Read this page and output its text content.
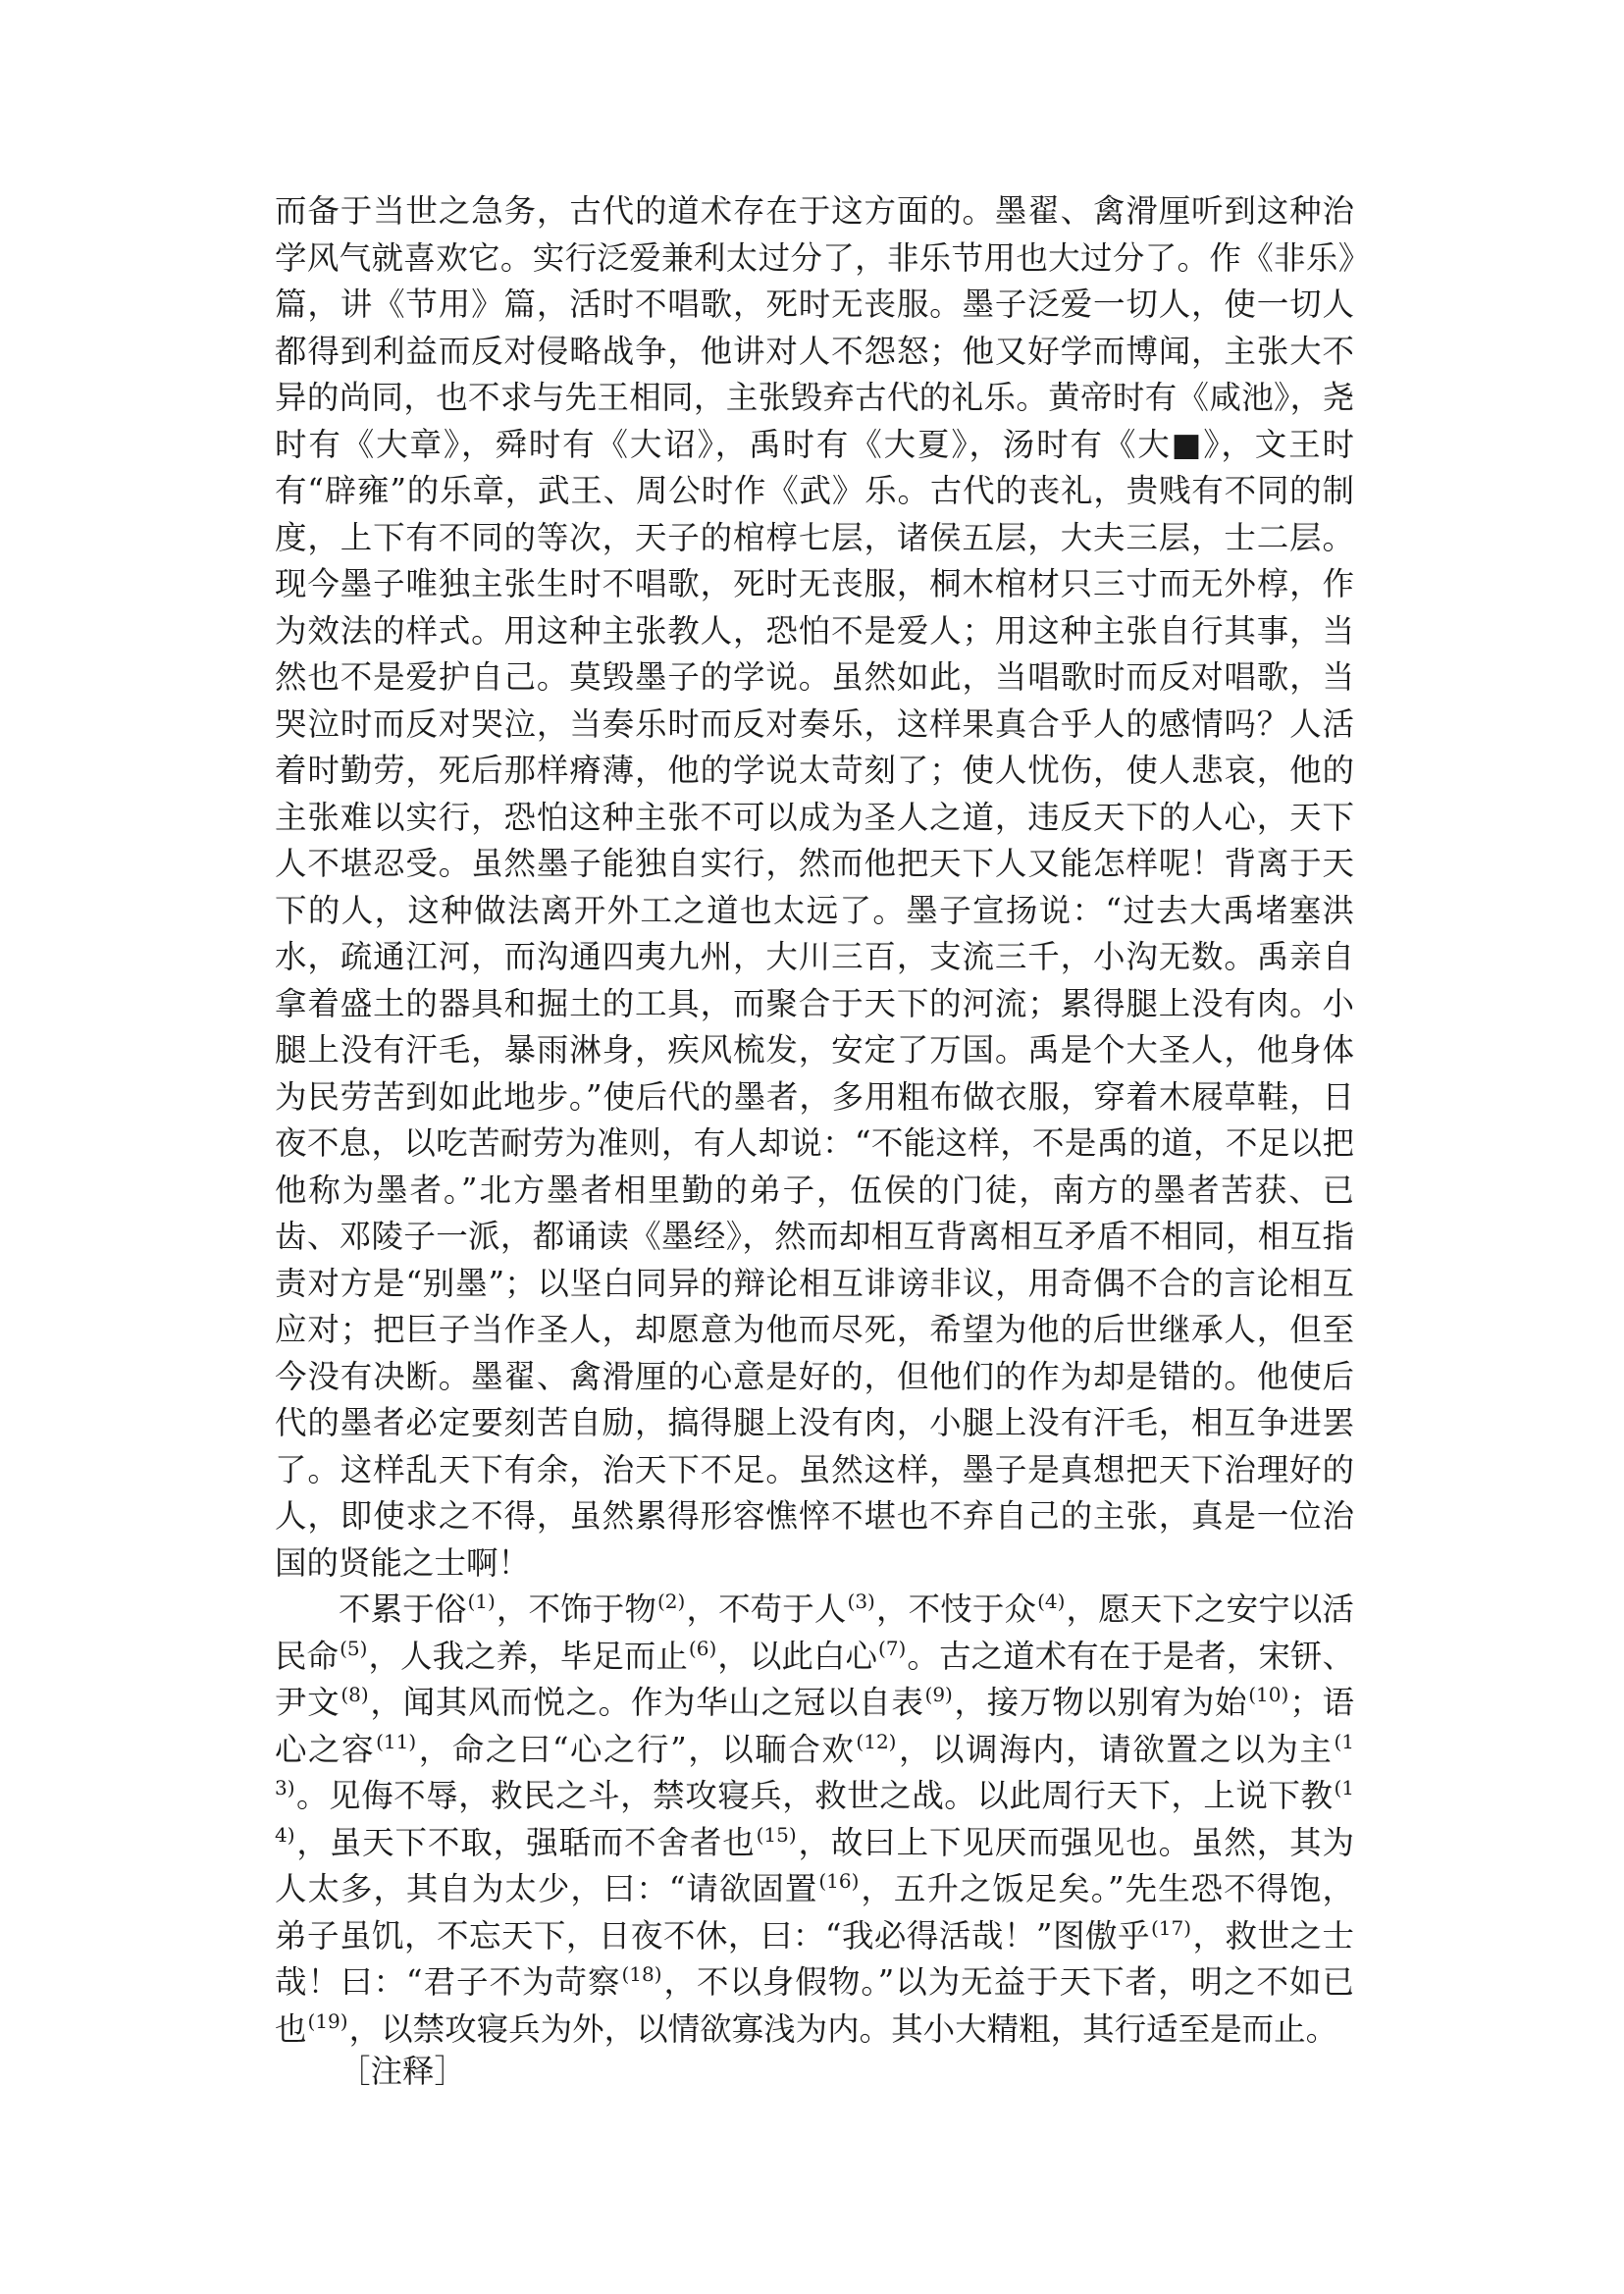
而备于当世之急务，古代的道术存在于这方面的。墨翟、禽滑厘听到这种治学风气就喜欢它。实行泛爱兼利太过分了，非乐节用也大过分了。作《非乐》篇，讲《节用》篇，活时不唱歌，死时无丧服。墨子泛爱一切人，使一切人都得到利益而反对侵略战争，他讲对人不怨怒；他又好学而博闻，主张大不异的尚同，也不求与先王相同，主张毁弃古代的礼乐。黄帝时有《咸池》，尧时有《大章》，舜时有《大诏》，禹时有《大夏》，汤时有《大■》，文王时有“辟雍”的乐章，武王、周公时作《武》乐。古代的丧礼，贵贱有不同的制度，上下有不同的等次，天子的棺椁七层，诸侯五层，大夫三层，士二层。现今墨子唯独主张生时不唱歌，死时无丧服，桐木棺材只三寸而无外椁，作为效法的样式。用这种主张教人，恐怕不是爱人；用这种主张自行其事，当然也不是爱护自己。莫毁墨子的学说。虽然如此，当唱歌时而反对唱歌，当哭泣时而反对哭泣，当奏乐时而反对奏乐，这样果真合乎人的感情吗？人活着时勤劳，死后那样瘠薄，他的学说太苛刻了；使人忧伤，使人悲哀，他的主张难以实行，恐怕这种主张不可以成为圣人之道，违反天下的人心，天下人不堪忍受。虽然墨子能独自实行，然而他把天下人又能怎样呢！背离于天下的人，这种做法离开外工之道也太远了。墨子宣扬说：“过去大禹堵塞洪水，疏通江河，而沟通四夷九州，大川三百，支流三千，小沟无数。禹亲自拿着盛土的器具和掘土的工具，而聚合于天下的河流；累得腿上没有肉。小腿上没有汗毛，暴雨淋身，疾风梳发，安定了万国。禹是个大圣人，他身体为民劳苦到如此地步。”使后代的墨者，多用粗布做衣服，穿着木屐草鞋，日夜不息，以吃苦耐劳为准则，有人却说：“不能这样，不是禹的道，不足以把他称为墨者。”北方墨者相里勤的弟子，伍侯的门徒，南方的墨者苦获、已齿、邓陵子一派，都诵读《墨经》，然而却相互背离相互矛盾不相同，相互指责对方是“别墨”；以坚白同异的辩论相互诽谤非议，用奇偶不合的言论相互应对；把巨子当作圣人，却愿意为他而尽死，希望为他的后世继承人，但至今没有决断。墨翟、禽滑厘的心意是好的，但他们的作为却是错的。他使后代的墨者必定要刻苦自励，搞得腿上没有肉，小腿上没有汗毛，相互争进罢了。这样乱天下有余，治天下不足。虽然这样，墨子是真想把天下治理好的人，即使求之不得，虽然累得形容憔悴不堪也不弃自己的主张，真是一位治国的贤能之士啊！

不累于俗$^{(1)}$，不饰于物$^{(2)}$，不苟于人$^{(3)}$，不忮于众$^{(4)}$，愿天下之安宁以活民命$^{(5)}$，人我之养，毕足而止$^{(6)}$，以此白心$^{(7)}$。古之道术有在于是者，宋钘、尹文$^{(8)}$，闻其风而悦之。作为华山之冠以自表$^{(9)}$，接万物以别宥为始$^{(10)}$；语心之容$^{(11)}$，命之曰“心之行”，以聏合欢$^{(12)}$，以调海内，请欲置之以为主$^{(13)}$。见侮不辱，救民之斗，禁攻寝兵，救世之战。以此周行天下，上说下教$^{(14)}$，虽天下不取，强聒而不舍者也$^{(15)}$，故曰上下见厌而强见也。虽然，其为人太多，其自为太少，曰：“请欲固置$^{(16)}$，五升之饭足矣。”先生恐不得饱，弟子虽饥，不忘天下，日夜不休，曰：“我必得活哉！”图傲乎$^{(17)}$，救世之士哉！曰：“君子不为苛察$^{(18)}$，不以身假物。”以为无益于天下者，明之不如已也$^{(19)}$，以禁攻寝兵为外，以情欲寡浅为内。其小大精粗，其行适至是而止。

［注释］
